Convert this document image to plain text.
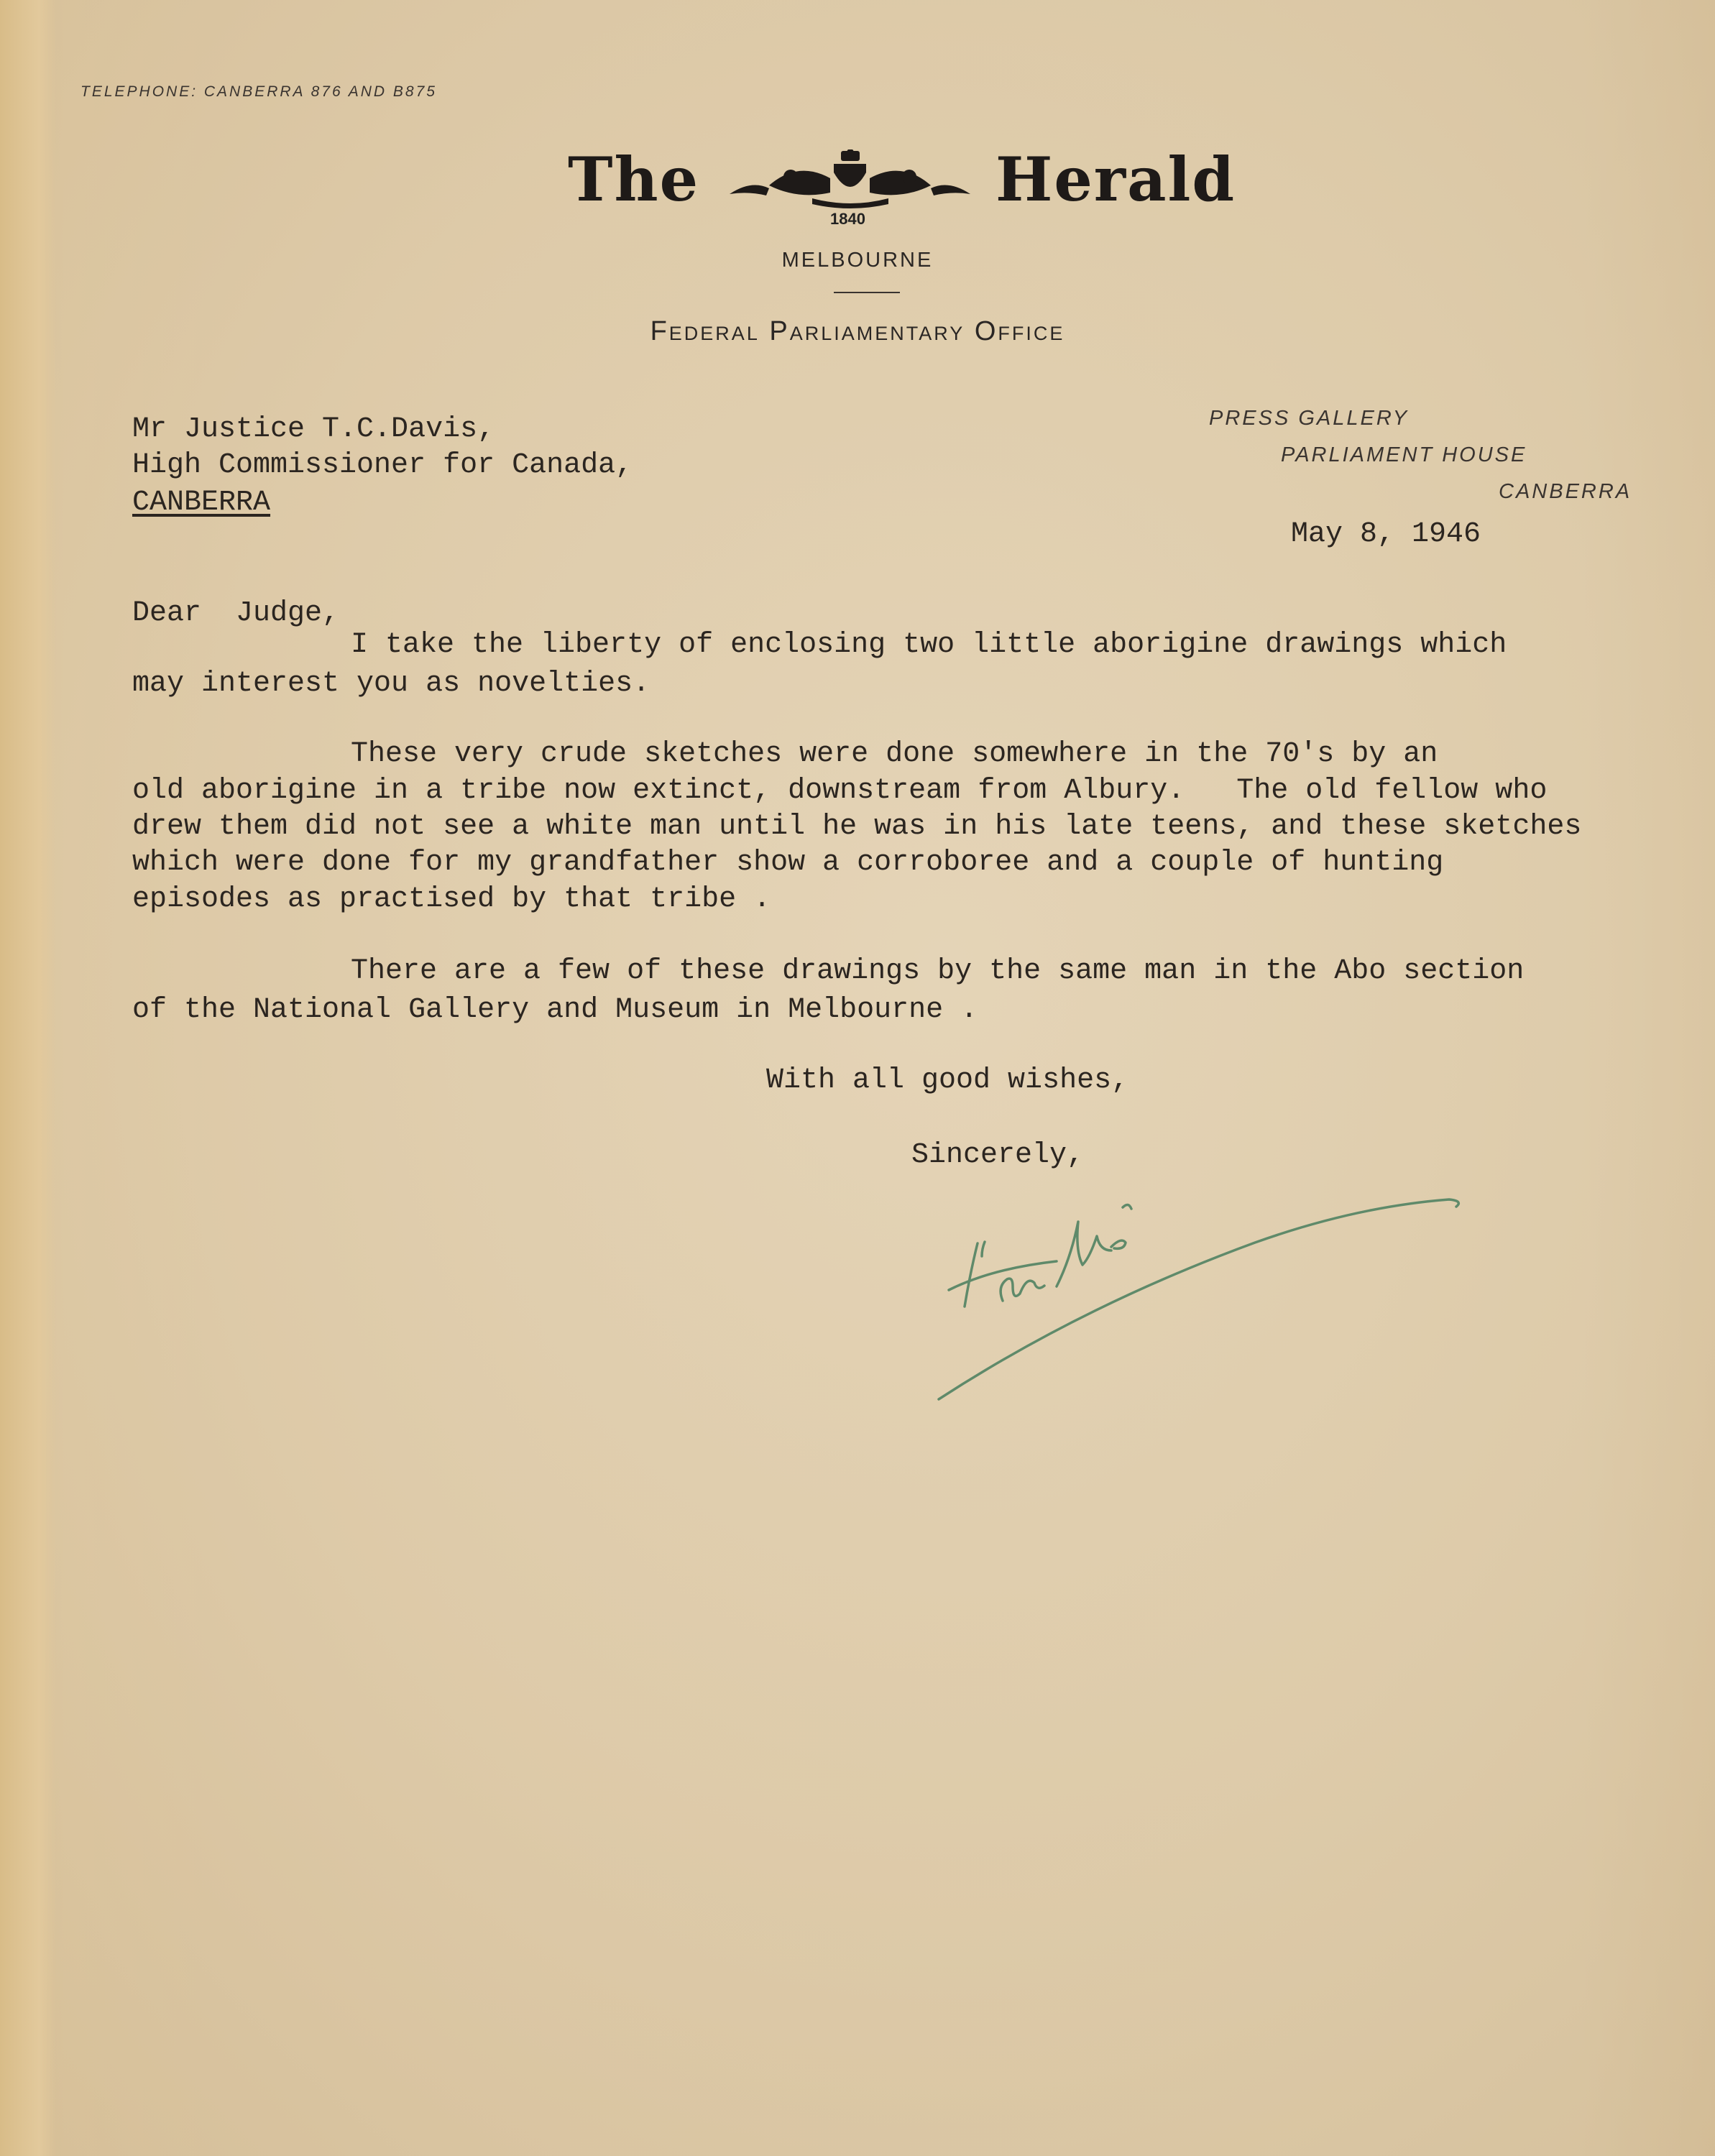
TELEPHONE: CANBERRA 876 AND B875
The
1840
Herald
MELBOURNE
Federal Parliamentary Office
PRESS GALLERY
PARLIAMENT HOUSE
CANBERRA
Mr Justice T.C.Davis,
High Commissioner for Canada,
CANBERRA
May 8, 1946
Dear  Judge,
I take the liberty of enclosing two little aborigine drawings which
may interest you as novelties.
These very crude sketches were done somewhere in the 70's by an
old aborigine in a tribe now extinct, downstream from Albury.   The old fellow who
drew them did not see a white man until he was in his late teens, and these sketches
which were done for my grandfather show a corroboree and a couple of hunting
episodes as practised by that tribe .
There are a few of these drawings by the same man in the Abo section
of the National Gallery and Museum in Melbourne .
With all good wishes,
Sincerely,
